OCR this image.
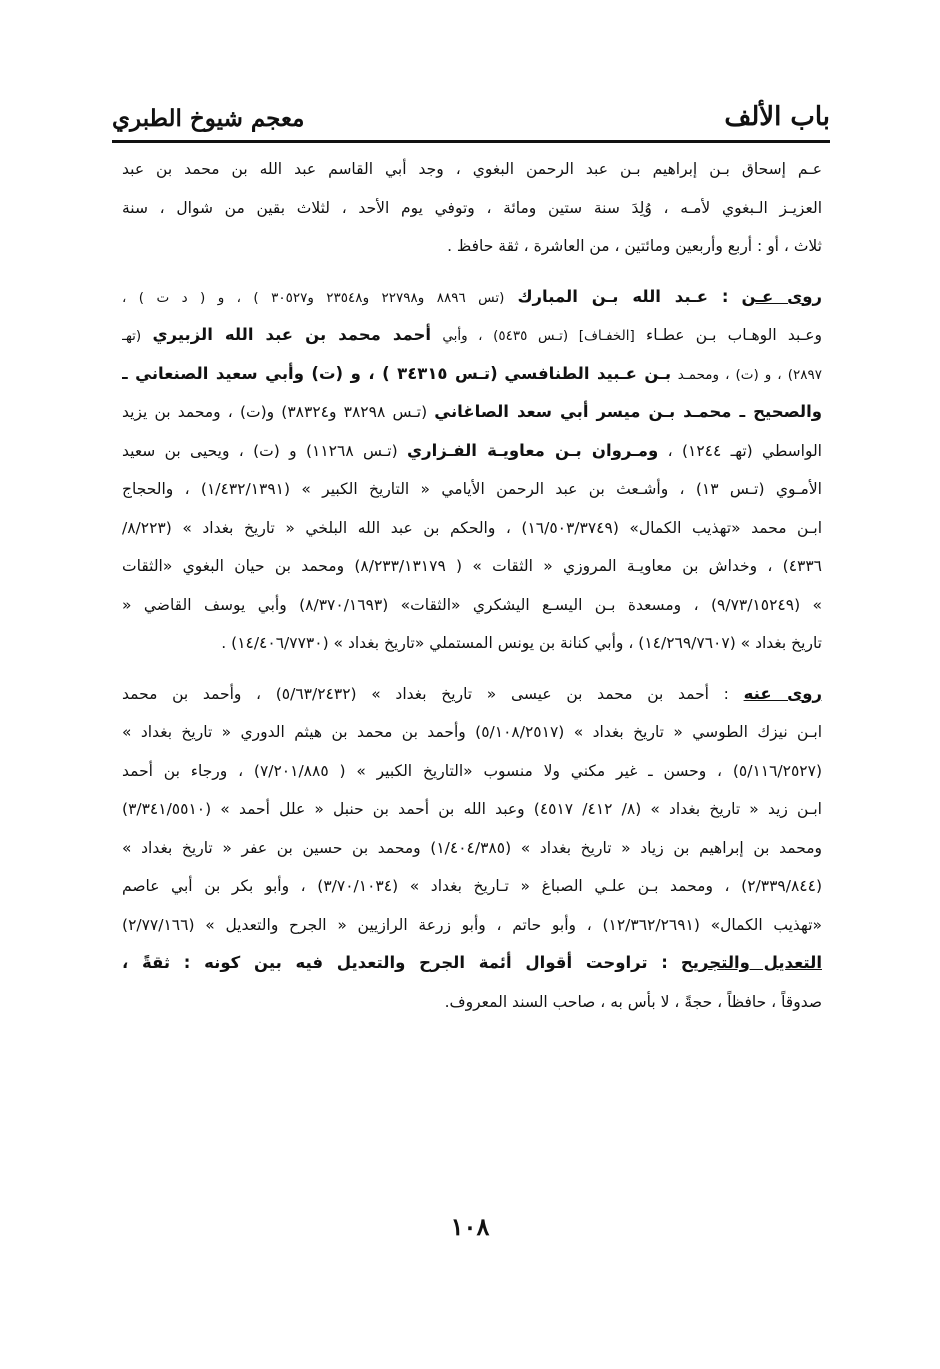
باب الألف
معجم شيوخ الطبري
عـم إسحاق بـن إبراهيم بـن عبد الرحمن البغوي ، وجد أبي القاسم عبد الله بن محمد بن عبد
العزيـز الـبغوي لأمـه ، وُلِدَ سنة ستين ومائة ، وتوفي يوم الأحد ، لثلاث بقين من شوال ، سنة
ثلاث ، أو : أربع وأربعين ومائتين ، من العاشرة ، ثقة حافظ .
روى عـن : عـبد الله بـن المبارك (تس ٨٨٩٦ و٢٢٧٩٨ و٢٣٥٤٨ و٣٠٥٢٧ ) ، و ( د ت ) ،
وعـبد الوهـاب بـن عطـاء [الخفـاف] (تـس ٥٤٣٥) ، وأبي أحمد محمد بن عبد الله الزبيري (تهـ
٢٨٩٧) ، و (ت) ، ومحمـد بـن عـبيد الطنافسي (تـس ٣٤٣١٥ ) ، و (ت) وأبي سعيد الصنعاني ـ
والصحيح ـ محمـد بـن ميسر أبي سعد الصاغاني (تـس ٣٨٢٩٨ و٣٨٣٢٤) و(ت) ، ومحمد بن يزيد
الواسطي (تهـ ١٢٤٤) ، ومـروان بـن معاويـة الفـزاري (تـس ١١٢٦٨) و (ت) ، ويحيى بن سعيد
الأمـوي (تـس ١٣) ، وأشـعث بن عبد الرحمن الأيامي « التاريخ الكبير » (١/٤٣٢/١٣٩١) ، والحجاج
ابـن محمد «تهذيب الكمال» (١٦/٥٠٣/٣٧٤٩) ، والحكم بن عبد الله البلخي « تاريخ بغداد » (٨/٢٢٣/
٤٣٣٦) ، وخداش بن معاويـة المروزي « الثقات » ( ٨/٢٣٣/١٣١٧٩) ومحمد بن حيان البغوي «الثقات
» (٩/٧٣/١٥٢٤٩) ، ومسعدة بـن اليسـع اليشكري «الثقات» (٨/٣٧٠/١٦٩٣) وأبي يوسف القاضي «
تاريخ بغداد » (١٤/٢٦٩/٧٦٠٧) ، وأبي كنانة بن يونس المستملي «تاريخ بغداد » (١٤/٤٠٦/٧٧٣٠) .
روى عنه : أحمد بن محمد بن عيسى « تاريخ بغداد » (٥/٦٣/٢٤٣٢) ، وأحمد بن محمد
ابـن نيزك الطوسي « تاريخ بغداد » (٥/١٠٨/٢٥١٧) وأحمد بن محمد بن هيثم الدوري « تاريخ بغداد »
(٥/١١٦/٢٥٢٧) ، وحسن ـ غير مكني ولا منسوب «التاريخ الكبير » ( ٧/٢٠١/٨٨٥) ، ورجاء بن أحمد
ابـن زيد « تاريخ بغداد » (٨/ ٤١٢/ ٤٥١٧) وعبد الله بن أحمد بن حنبل « علل أحمد » (٣/٣٤١/٥٥١٠)
ومحمد بن إبراهيم بن زياد « تاريخ بغداد » (١/٤٠٤/٣٨٥) ومحمد بن حسين بن عفر « تاريخ بغداد »
(٢/٣٣٩/٨٤٤) ، ومحمد بـن علـي الصباغ « تـاريخ بغداد » (٣/٧٠/١٠٣٤) ، وأبو بكر بن أبي عاصم
«تهذيب الكمال» (١٢/٣٦٢/٢٦٩١) ، وأبو حاتم ، وأبو زرعة الرازيين « الجرح والتعديل » (٢/٧٧/١٦٦)
التعديل والتجريح : تراوحت أقوال أئمة الجرح والتعديل فيه بين كونه : ثقةً ،
صدوقاً ، حافظاً ، حجةً ، لا بأس به ، صاحب السند المعروف.
١٠٨
